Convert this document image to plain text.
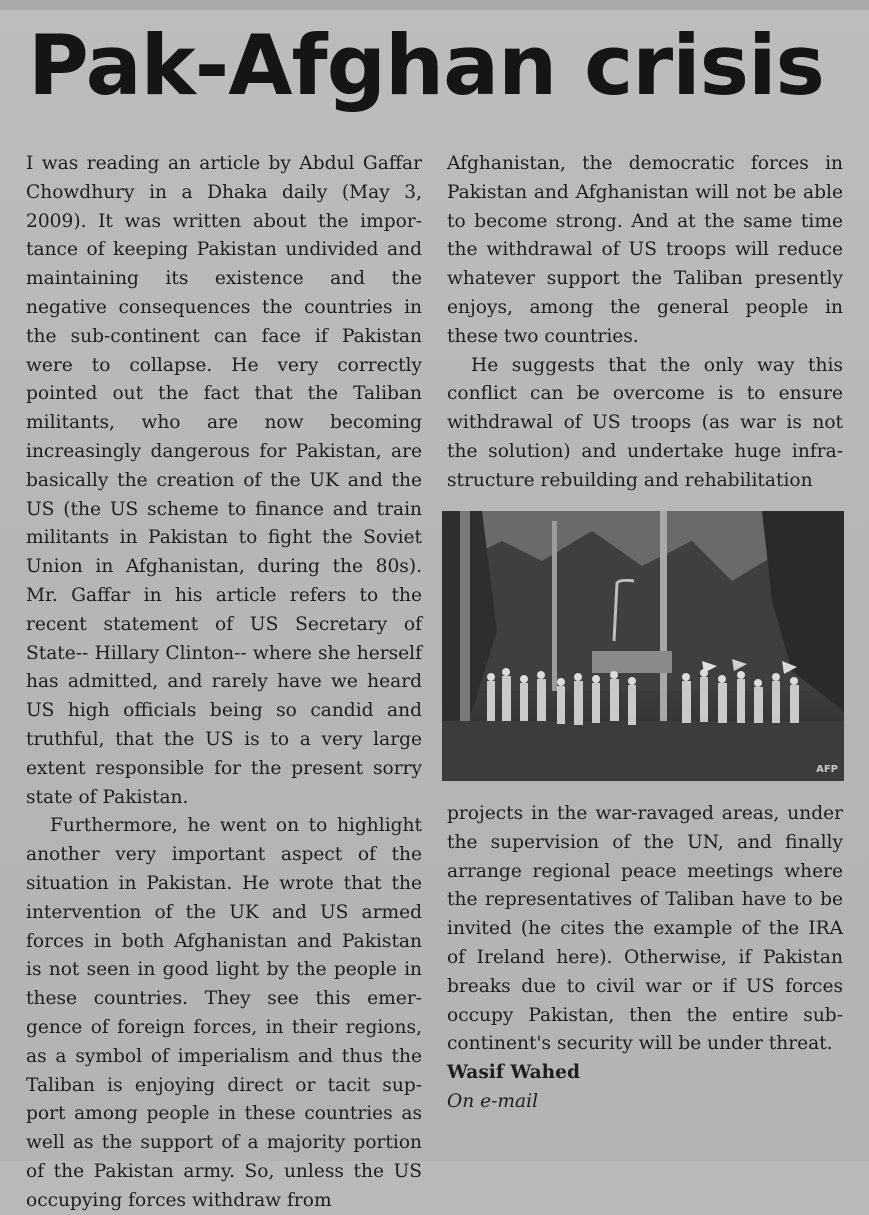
Pak-Afghan crisis

I was reading an article by Abdul Gaffar Chowdhury in a Dhaka daily (May 3, 2009). It was written about the impor- tance of keeping Pakistan undivided and maintaining its existence and the negative consequences the countries in the sub-continent can face if Pakistan were to collapse. He very correctly pointed out the fact that the Taliban militants, who are now becoming increasingly dangerous for Pakistan, are basically the creation of the UK and the US (the US scheme to finance and train militants in Pakistan to fight the Soviet Union in Afghanistan, during the 80s). Mr. Gaffar in his article refers to the recent statement of US Secretary of State-- Hillary Clinton-- where she herself has admitted, and rarely have we heard US high officials being so candid and truthful, that the US is to a very large extent responsible for the present sorry state of Pakistan.

Furthermore, he went on to highlight another very important aspect of the situation in Pakistan. He wrote that the intervention of the UK and US armed forces in both Afghanistan and Pakistan is not seen in good light by the people in these countries. They see this emer- gence of foreign forces, in their regions, as a symbol of imperialism and thus the Taliban is enjoying direct or tacit sup- port among people in these countries as well as the support of a majority portion of the Pakistan army. So, unless the US occupying forces withdraw from

Afghanistan, the democratic forces in Pakistan and Afghanistan will not be able to become strong. And at the same time the withdrawal of US troops will reduce whatever support the Taliban presently enjoys, among the general people in these two countries.

He suggests that the only way this conflict can be overcome is to ensure withdrawal of US troops (as war is not the solution) and undertake huge infra- structure rebuilding and rehabilitation

AFP

projects in the war-ravaged areas, under the supervision of the UN, and finally arrange regional peace meetings where the representatives of Taliban have to be invited (he cites the example of the IRA of Ireland here). Otherwise, if Pakistan breaks due to civil war or if US forces occupy Pakistan, then the entire sub- continent's security will be under threat.

Wasif Wahed

On e-mail
